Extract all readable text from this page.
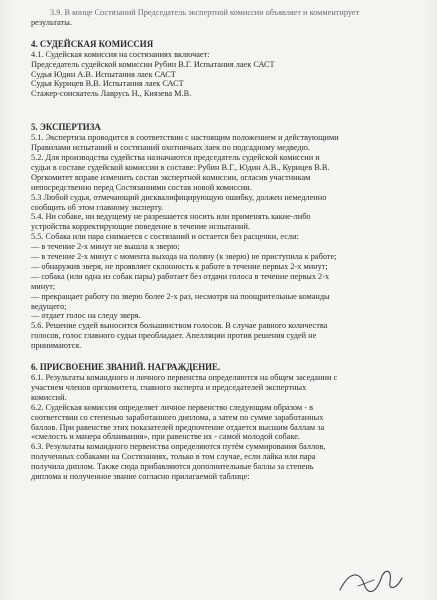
3.9. В конце Состязаний Председатель экспертной комиссии объявляет и комментирует

результаты.

4. СУДЕЙСКАЯ КОМИССИЯ

4.1. Судейская комиссия на состязаниях включает:

Председатель судейской комиссии Рубин В.Г. Испытания лаек САСТ

Судья Юдин А.В. Испытания лаек САСТ

Судья Курицев В.В. Испытания лаек САСТ

Стажер-соискатель Лаврусь Н., Киязева М.В.

5. ЭКСПЕРТИЗА

5.1. Экспертиза проводится в соответствии с настоящим положением и действующими

Правилами испытаний и состязаний охотничьих лаек по подсадному медведю.

5.2. Для производства судейства назначаются председатель судейской комиссии и

судьи в составе судейской комиссии в составе: Рубин В.Г., Юдин А.В., Курицев В.В.

Оргкомитет вправе изменить состав экспертной комиссии, огласив участникам

непосредственно перед Состязаниями состав новой комиссии.

5.3 Любой судья, отмечающий дисквалифицирующую ошибку, должен немедленно

сообщить об этом главному эксперту.

5.4. Ни собаке, ни ведущему не разрешается носить или применять какие-либо

устройства корректирующие поведение в течение испытаний.

5.5. Собака или пара снимается с состязаний и остается без расценки, если:

— в течение 2-х минут не вышла к зверю;

— в течение 2-х минут с момента выхода на поляну (к зверю) не приступила к работе;

— обнаружив зверя, не проявляет склонность к работе в течение первых 2-х минут;

— собака (или одна из собак пары) работает без отдачи голоса в течение первых 2-х

минут;

— прекращает работу по зверю более 2-х раз, несмотря на поощрительные команды

ведущего;

— отдает голос на следу зверя.

5.6. Решение судей выносится большинством голосов. В случае равного количества

голосов, голос главного судьи преобладает. Апелляции против решения судей не

принимаются.

6. ПРИСВОЕНИЕ ЗВАНИЙ. НАГРАЖДЕНИЕ.

6.1. Результаты командного и личного первенства определяются на общем заседании с

участием членов оргкомитета, главного эксперта и председателей экспертных

комиссий.

6.2. Судейская комиссия определяет личное первенство следующим образом - в

соответствии со степенью заработанного диплома, а затем по сумме заработанных

баллов. При равенстве этих показателей предпочтение отдается высшим баллам за

«смелость и манера облаивания», при равенстве их - самой молодой собаке.

6.3. Результаты командного первенства определяются путём суммирования баллов,

полученных собаками на Состязаниях, только в том случае, если лайка или пара

получила диплом. Также сюда прибавляются дополнительные баллы за степень

диплома и полученное звание согласно прилагаемой таблице:
